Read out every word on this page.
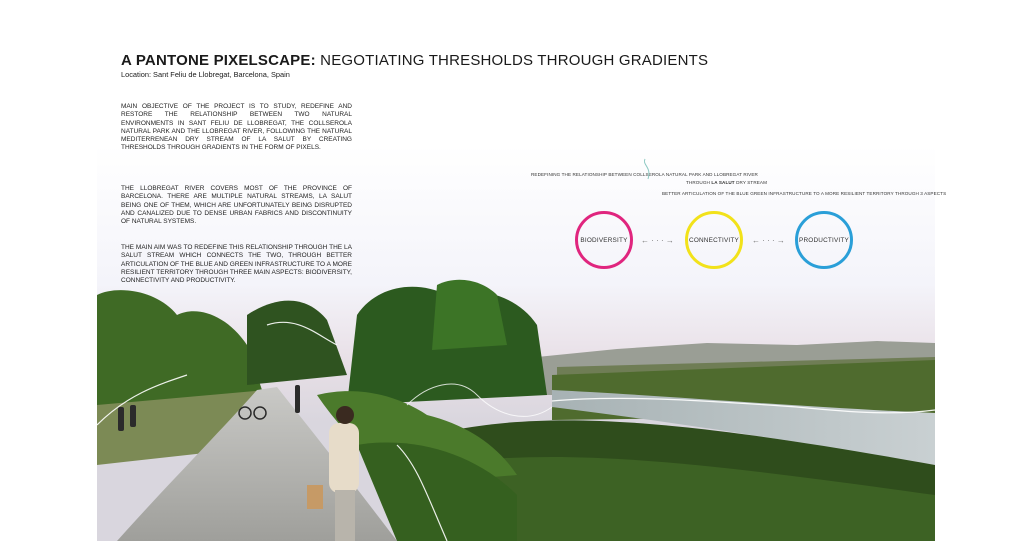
A PANTONE PIXELSCAPE: NEGOTIATING THRESHOLDS THROUGH GRADIENTS
Location: Sant Feliu de Llobregat, Barcelona, Spain
MAIN OBJECTIVE OF THE PROJECT IS TO STUDY, REDEFINE AND RESTORE THE RELATIONSHIP BETWEEN TWO NATURAL ENVIRONMENTS IN SANT FELIU DE LLOBREGAT, THE COLLSEROLA NATURAL PARK AND THE LLOBREGAT RIVER, FOLLOWING THE NATURAL MEDITERRENEAN DRY STREAM OF LA SALUT BY CREATING THRESHOLDS THROUGH GRADIENTS IN THE FORM OF PIXELS.
THE LLOBREGAT RIVER COVERS MOST OF THE PROVINCE OF BARCELONA. THERE ARE MULTIPLE NATURAL STREAMS, LA SALUT BEING ONE OF THEM, WHICH ARE UNFORTUNATELY BEING DISRUPTED AND CANALIZED DUE TO DENSE URBAN FABRICS AND DISCONTINUITY OF NATURAL SYSTEMS.
THE MAIN AIM WAS TO REDEFINE THIS RELATIONSHIP THROUGH THE LA SALUT STREAM WHICH CONNECTS THE TWO, THROUGH BETTER ARTICULATION OF THE BLUE AND GREEN INFRASTRUCTURE TO A MORE RESILIENT TERRITORY THROUGH THREE MAIN ASPECTS: BIODIVERSITY, CONNECTIVITY AND PRODUCTIVITY.
REDEFINING THE RELATIONSHIP BETWEEN COLLSEROLA NATURAL PARK AND LLOBREGAT RIVER
THROUGH LA SALUT DRY STREAM
BETTER ARTICULATION OF THE BLUE GREEN INFRASTRUCTURE TO A MORE RESILIENT TERRITORY THROUGH 3 ASPECTS
BIODIVERSITY ← · · · → CONNECTIVITY ← · · · → PRODUCTIVITY
